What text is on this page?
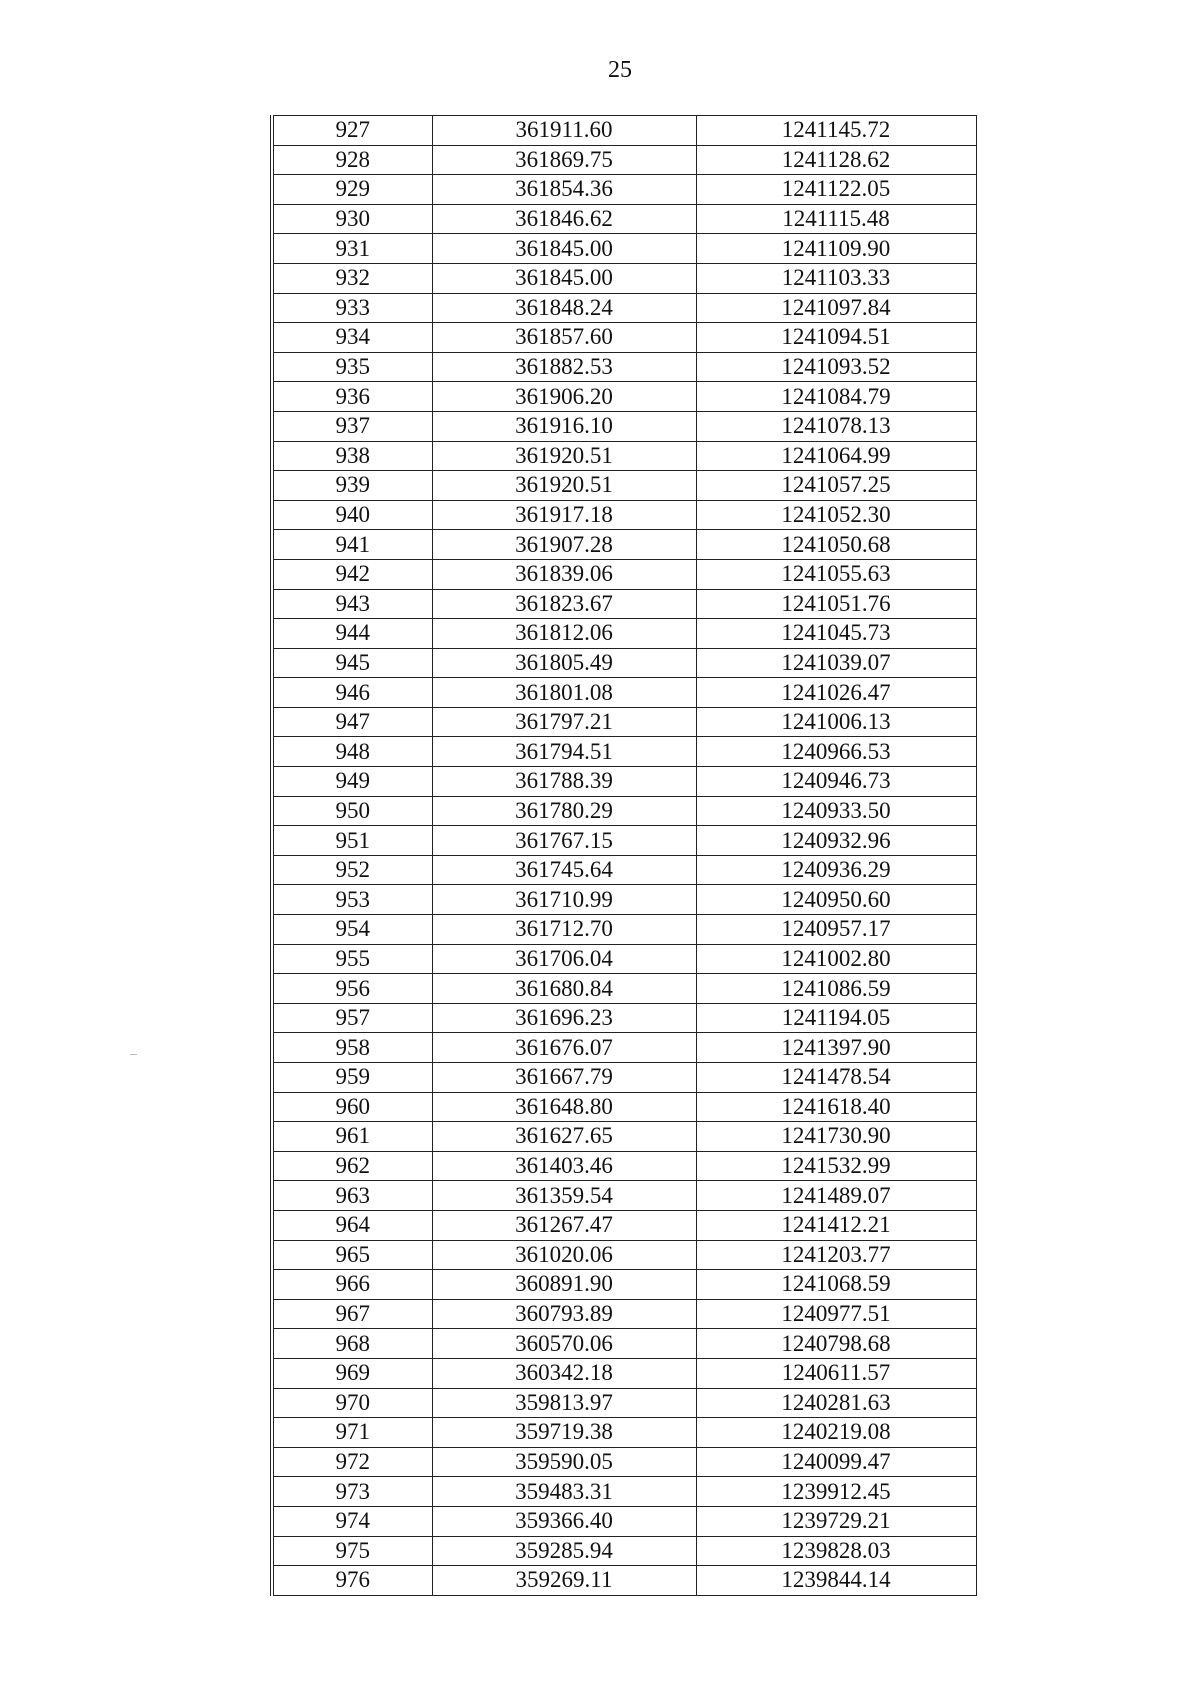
25
927	361911.60	1241145.72
928	361869.75	1241128.62
929	361854.36	1241122.05
930	361846.62	1241115.48
931	361845.00	1241109.90
932	361845.00	1241103.33
933	361848.24	1241097.84
934	361857.60	1241094.51
935	361882.53	1241093.52
936	361906.20	1241084.79
937	361916.10	1241078.13
938	361920.51	1241064.99
939	361920.51	1241057.25
940	361917.18	1241052.30
941	361907.28	1241050.68
942	361839.06	1241055.63
943	361823.67	1241051.76
944	361812.06	1241045.73
945	361805.49	1241039.07
946	361801.08	1241026.47
947	361797.21	1241006.13
948	361794.51	1240966.53
949	361788.39	1240946.73
950	361780.29	1240933.50
951	361767.15	1240932.96
952	361745.64	1240936.29
953	361710.99	1240950.60
954	361712.70	1240957.17
955	361706.04	1241002.80
956	361680.84	1241086.59
957	361696.23	1241194.05
958	361676.07	1241397.90
959	361667.79	1241478.54
960	361648.80	1241618.40
961	361627.65	1241730.90
962	361403.46	1241532.99
963	361359.54	1241489.07
964	361267.47	1241412.21
965	361020.06	1241203.77
966	360891.90	1241068.59
967	360793.89	1240977.51
968	360570.06	1240798.68
969	360342.18	1240611.57
970	359813.97	1240281.63
971	359719.38	1240219.08
972	359590.05	1240099.47
973	359483.31	1239912.45
974	359366.40	1239729.21
975	359285.94	1239828.03
976	359269.11	1239844.14
